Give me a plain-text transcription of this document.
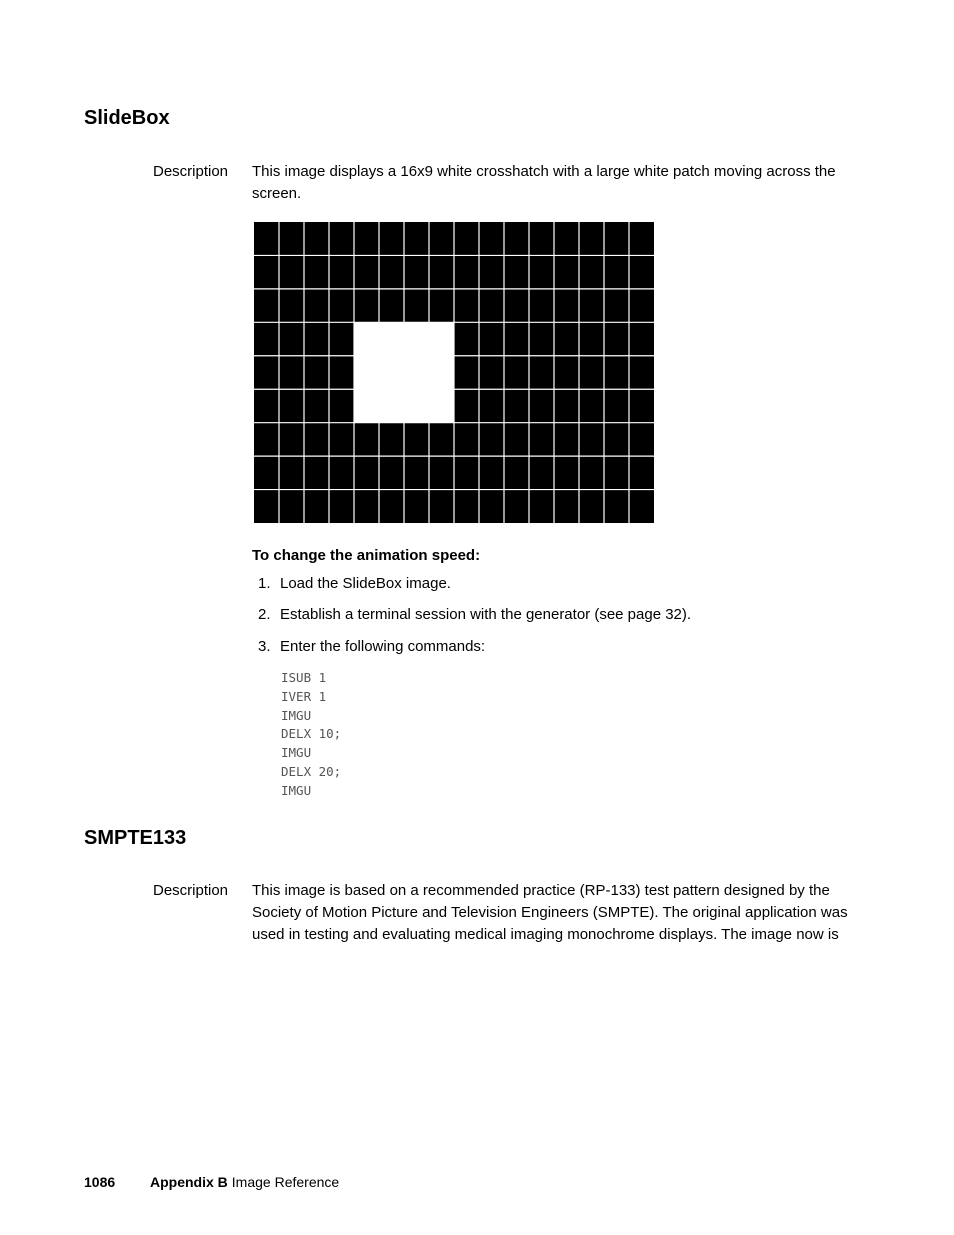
SlideBox
Description This image displays a 16x9 white crosshatch with a large white patch moving across the screen.

To change the animation speed:
1. Load the SlideBox image.
2. Establish a terminal session with the generator (see page 32).
3. Enter the following commands:
ISUB 1
IVER 1
IMGU
DELX 10;
IMGU
DELX 20;
IMGU
SMPTE133
Description This image is based on a recommended practice (RP-133) test pattern designed by the Society of Motion Picture and Television Engineers (SMPTE). The original application was used in testing and evaluating medical imaging monochrome displays. The image now is

1086 Appendix B Image Reference
